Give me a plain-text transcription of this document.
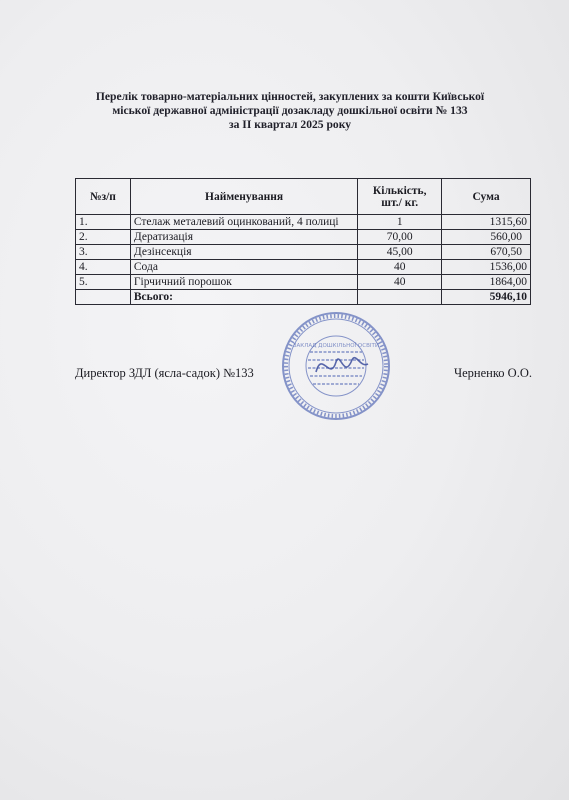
Перелік товарно-матеріальних цінностей, закуплених за кошти Київської
міської державної адміністрації дозакладу дошкільної освіти № 133
за ІІ квартал 2025 року
№з/п	Найменування	Кількість, шт./ кг.	Сума
1.	Стелаж металевий оцинкований, 4 полиці	1	1315,60
2.	Дератизація	70,00	560,00
3.	Дезінсекція	45,00	670,50
4.	Сода	40	1536,00
5.	Гірчичний порошок	40	1864,00
	Всього:		5946,10
Директор ЗДЛ (ясла-садок) №133	Черненко О.О.
ЗАКЛАД ДОШКІЛЬНОЇ ОСВІТИ
